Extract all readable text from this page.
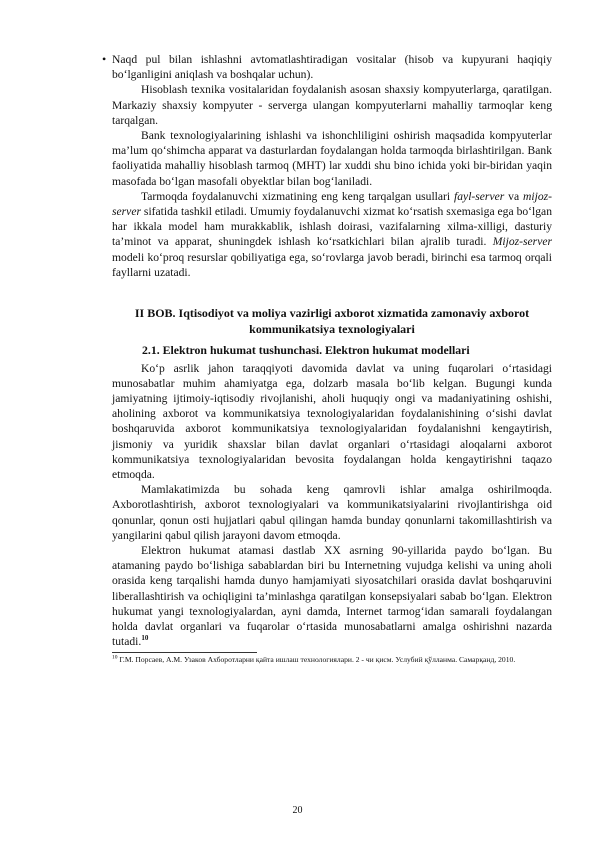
• Naqd pul bilan ishlashni avtomatlashtiradigan vositalar (hisob va kupyurani haqiqiy bo‘lganligini aniqlash va boshqalar uchun).

Hisoblash texnika vositalaridan foydalanish asosan shaxsiy kompyuterlarga, qaratilgan. Markaziy shaxsiy kompyuter - serverga ulangan kompyuterlarni mahalliy tarmoqlar keng tarqalgan.

Bank texnologiyalarining ishlashi va ishonchliligini oshirish maqsadida kompyuterlar ma’lum qo‘shimcha apparat va dasturlardan foydalangan holda tarmoqda birlashtirilgan. Bank faoliyatida mahalliy hisoblash tarmoq (MHT) lar xuddi shu bino ichida yoki bir-biridan yaqin masofada bo‘lgan masofali obyektlar bilan bog‘laniladi.

Tarmoqda foydalanuvchi xizmatining eng keng tarqalgan usullari fayl-server va mijoz-server sifatida tashkil etiladi. Umumiy foydalanuvchi xizmat ko‘rsatish sxemasiga ega bo‘lgan har ikkala model ham murakkablik, ishlash doirasi, vazifalarning xilma-xilligi, dasturiy ta’minot va apparat, shuningdek ishlash ko‘rsatkichlari bilan ajralib turadi. Mijoz-server modeli ko‘proq resurslar qobiliyatiga ega, so‘rovlarga javob beradi, birinchi esa tarmoq orqali fayllarni uzatadi.

II BOB. Iqtisodiyot va moliya vazirligi axborot xizmatida zamonaviy axborot kommunikatsiya texnologiyalari
2.1. Elektron hukumat tushunchasi. Elektron hukumat modellari

Ko‘p asrlik jahon taraqqiyoti davomida davlat va uning fuqarolari o‘rtasidagi munosabatlar muhim ahamiyatga ega, dolzarb masala bo‘lib kelgan. Bugungi kunda jamiyatning ijtimoiy-iqtisodiy rivojlanishi, aholi huquqiy ongi va madaniyatining oshishi, aholining axborot va kommunikatsiya texnologiyalaridan foydalanishining o‘sishi davlat boshqaruvida axborot kommunikatsiya texnologiyalaridan foydalanishni kengaytirish, jismoniy va yuridik shaxslar bilan davlat organlari o‘rtasidagi aloqalarni axborot kommunikatsiya texnologiyalaridan bevosita foydalangan holda kengaytirishni taqazo etmoqda.

Mamlakatimizda bu sohada keng qamrovli ishlar amalga oshirilmoqda. Axborotlashtirish, axborot texnologiyalari va kommunikatsiyalarini rivojlantirishga oid qonunlar, qonun osti hujjatlari qabul qilingan hamda bunday qonunlarni takomillashtirish va yangilarini qabul qilish jarayoni davom etmoqda.

Elektron hukumat atamasi dastlab XX asrning 90-yillarida paydo bo‘lgan. Bu atamaning paydo bo‘lishiga sabablardan biri bu Internetning vujudga kelishi va uning aholi orasida keng tarqalishi hamda dunyo hamjamiyati siyosatchilari orasida davlat boshqaruvini liberallashtirish va ochiqligini ta’minlashga qaratilgan konsepsiyalari sabab bo‘lgan. Elektron hukumat yangi texnologiyalardan, ayni damda, Internet tarmog‘idan samarali foydalangan holda davlat organlari va fuqarolar o‘rtasida munosabatlarni amalga oshirishni nazarda tutadi.$^{10}$

$^{10}$ Г.М. Порсаев, А.М. Узаков Ахборотларни қайта ишлаш технологиялари. 2 - чи қисм. Услубий қўлланма. Самарқанд, 2010.

20
